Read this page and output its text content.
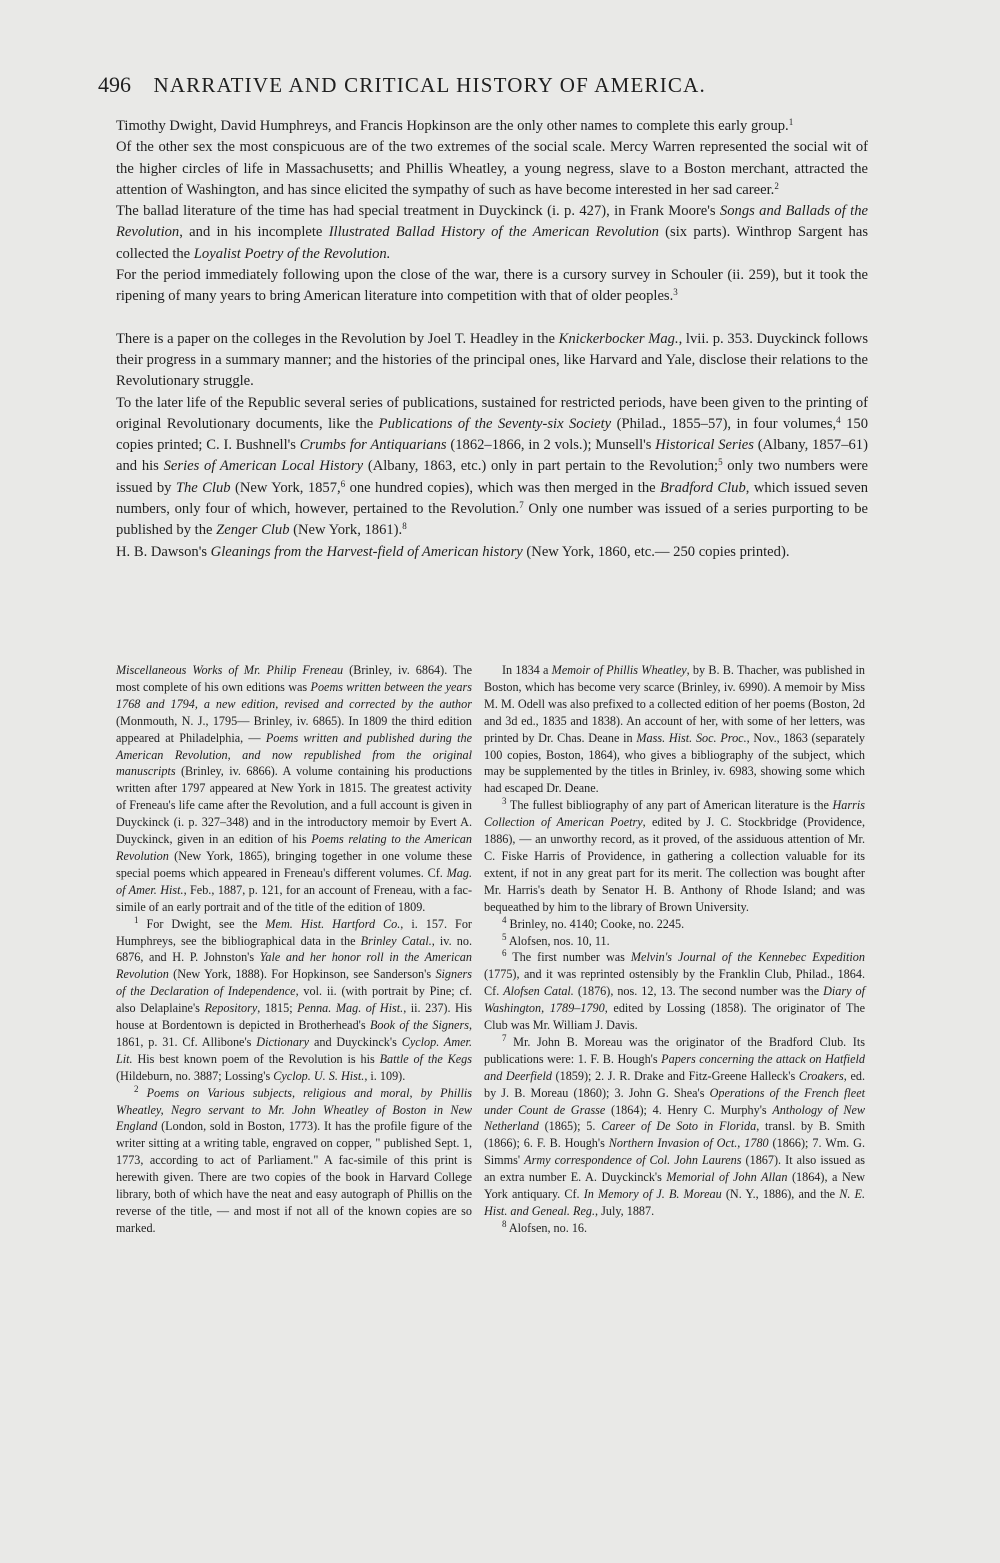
496 NARRATIVE AND CRITICAL HISTORY OF AMERICA.

Timothy Dwight, David Humphreys, and Francis Hopkinson are the only other names to complete this early group.$^1$

Of the other sex the most conspicuous are of the two extremes of the social scale. Mercy Warren represented the social wit of the higher circles of life in Massachusetts; and Phillis Wheatley, a young negress, slave to a Boston merchant, attracted the attention of Washington, and has since elicited the sympathy of such as have become interested in her sad career.$^2$

The ballad literature of the time has had special treatment in Duyckinck (i. p. 427), in Frank Moore's Songs and Ballads of the Revolution, and in his incomplete Illustrated Ballad History of the American Revolution (six parts). Winthrop Sargent has collected the Loyalist Poetry of the Revolution.

For the period immediately following upon the close of the war, there is a cursory survey in Schouler (ii. 259), but it took the ripening of many years to bring American literature into competition with that of older peoples.$^3$

There is a paper on the colleges in the Revolution by Joel T. Headley in the Knickerbocker Mag., lvii. p. 353. Duyckinck follows their progress in a summary manner; and the histories of the principal ones, like Harvard and Yale, disclose their relations to the Revolutionary struggle.

To the later life of the Republic several series of publications, sustained for restricted periods, have been given to the printing of original Revolutionary documents, like the Publications of the Seventy-six Society (Philad., 1855–57), in four volumes,$^4$ 150 copies printed; C. I. Bushnell's Crumbs for Antiquarians (1862–1866, in 2 vols.); Munsell's Historical Series (Albany, 1857–61) and his Series of American Local History (Albany, 1863, etc.) only in part pertain to the Revolution;$^5$ only two numbers were issued by The Club (New York, 1857,$^6$ one hundred copies), which was then merged in the Bradford Club, which issued seven numbers, only four of which, however, pertained to the Revolution.$^7$ Only one number was issued of a series purporting to be published by the Zenger Club (New York, 1861).$^8$

H. B. Dawson's Gleanings from the Harvest-field of American history (New York, 1860, etc.— 250 copies printed).

Miscellaneous Works of Mr. Philip Freneau (Brinley, iv. 6864). The most complete of his own editions was Poems written between the years 1768 and 1794, a new edition, revised and corrected by the author (Monmouth, N. J., 1795— Brinley, iv. 6865). In 1809 the third edition appeared at Philadelphia, — Poems written and published during the American Revolution, and now republished from the original manuscripts (Brinley, iv. 6866). A volume containing his productions written after 1797 appeared at New York in 1815. The greatest activity of Freneau's life came after the Revolution, and a full account is given in Duyckinck (i. p. 327–348) and in the introductory memoir by Evert A. Duyckinck, given in an edition of his Poems relating to the American Revolution (New York, 1865), bringing together in one volume these special poems which appeared in Freneau's different volumes. Cf. Mag. of Amer. Hist., Feb., 1887, p. 121, for an account of Freneau, with a fac-simile of an early portrait and of the title of the edition of 1809.

$^1$ For Dwight, see the Mem. Hist. Hartford Co., i. 157. For Humphreys, see the bibliographical data in the Brinley Catal., iv. no. 6876, and H. P. Johnston's Yale and her honor roll in the American Revolution (New York, 1888). For Hopkinson, see Sanderson's Signers of the Declaration of Independence, vol. ii. (with portrait by Pine; cf. also Delaplaine's Repository, 1815; Penna. Mag. of Hist., ii. 237). His house at Bordentown is depicted in Brotherhead's Book of the Signers, 1861, p. 31. Cf. Allibone's Dictionary and Duyckinck's Cyclop. Amer. Lit. His best known poem of the Revolution is his Battle of the Kegs (Hildeburn, no. 3887; Lossing's Cyclop. U. S. Hist., i. 109).

$^2$ Poems on Various subjects, religious and moral, by Phillis Wheatley, Negro servant to Mr. John Wheatley of Boston in New England (London, sold in Boston, 1773). It has the profile figure of the writer sitting at a writing table, engraved on copper, " published Sept. 1, 1773, according to act of Parliament." A fac-simile of this print is herewith given. There are two copies of the book in Harvard College library, both of which have the neat and easy autograph of Phillis on the reverse of the title, — and most if not all of the known copies are so marked.

In 1834 a Memoir of Phillis Wheatley, by B. B. Thacher, was published in Boston, which has become very scarce (Brinley, iv. 6990). A memoir by Miss M. M. Odell was also prefixed to a collected edition of her poems (Boston, 2d and 3d ed., 1835 and 1838). An account of her, with some of her letters, was printed by Dr. Chas. Deane in Mass. Hist. Soc. Proc., Nov., 1863 (separately 100 copies, Boston, 1864), who gives a bibliography of the subject, which may be supplemented by the titles in Brinley, iv. 6983, showing some which had escaped Dr. Deane.

$^3$ The fullest bibliography of any part of American literature is the Harris Collection of American Poetry, edited by J. C. Stockbridge (Providence, 1886), — an unworthy record, as it proved, of the assiduous attention of Mr. C. Fiske Harris of Providence, in gathering a collection valuable for its extent, if not in any great part for its merit. The collection was bought after Mr. Harris's death by Senator H. B. Anthony of Rhode Island; and was bequeathed by him to the library of Brown University.

$^4$ Brinley, no. 4140; Cooke, no. 2245.

$^5$ Alofsen, nos. 10, 11.

$^6$ The first number was Melvin's Journal of the Kennebec Expedition (1775), and it was reprinted ostensibly by the Franklin Club, Philad., 1864. Cf. Alofsen Catal. (1876), nos. 12, 13. The second number was the Diary of Washington, 1789–1790, edited by Lossing (1858). The originator of The Club was Mr. William J. Davis.

$^7$ Mr. John B. Moreau was the originator of the Bradford Club. Its publications were: 1. F. B. Hough's Papers concerning the attack on Hatfield and Deerfield (1859); 2. J. R. Drake and Fitz-Greene Halleck's Croakers, ed. by J. B. Moreau (1860); 3. John G. Shea's Operations of the French fleet under Count de Grasse (1864); 4. Henry C. Murphy's Anthology of New Netherland (1865); 5. Career of De Soto in Florida, transl. by B. Smith (1866); 6. F. B. Hough's Northern Invasion of Oct., 1780 (1866); 7. Wm. G. Simms' Army correspondence of Col. John Laurens (1867). It also issued as an extra number E. A. Duyckinck's Memorial of John Allan (1864), a New York antiquary. Cf. In Memory of J. B. Moreau (N. Y., 1886), and the N. E. Hist. and Geneal. Reg., July, 1887.

$^8$ Alofsen, no. 16.
